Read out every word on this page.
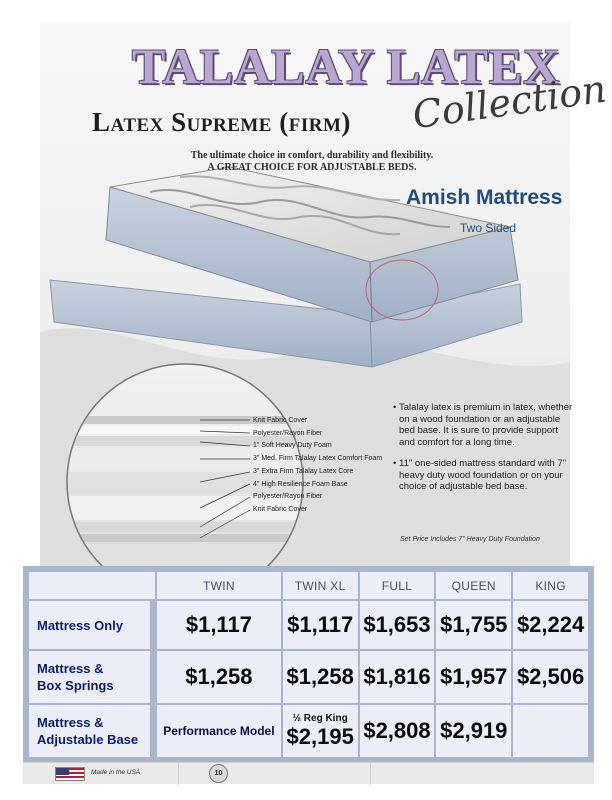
TALALAY LATEX
Collection
Latex Supreme (firm)
The ultimate choice in comfort, durability and flexibility.
A GREAT CHOICE FOR ADJUSTABLE BEDS.
Amish Mattress
Two Sided
Knit Fabric Cover
Polyester/Rayon Fiber
1" Soft Heavy Duty Foam
3" Med. Firm Talalay Latex Comfort Foam
3" Extra Firm Talalay Latex Core
4" High Resilience Foam Base
Polyester/Rayon Fiber
Knit Fabric Cover
• Talalay latex is premium in latex, whether on a wood foundation or an adjustable bed base. It is sure to provide support and comfort for a long time.
• 11" one-sided mattress standard with 7" heavy duty wood foundation or on your choice of adjustable bed base.
Set Price Includes 7" Heavy Duty Foundation
	TWIN	TWIN XL	FULL	QUEEN	KING
Mattress Only	$1,117	$1,117	$1,653	$1,755	$2,224
Mattress &
Box Springs	$1,258	$1,258	$1,816	$1,957	$2,506
Mattress &
Adjustable Base	Performance Model	½ Reg King
$2,195	$2,808	$2,919	
Made in the USA	10
